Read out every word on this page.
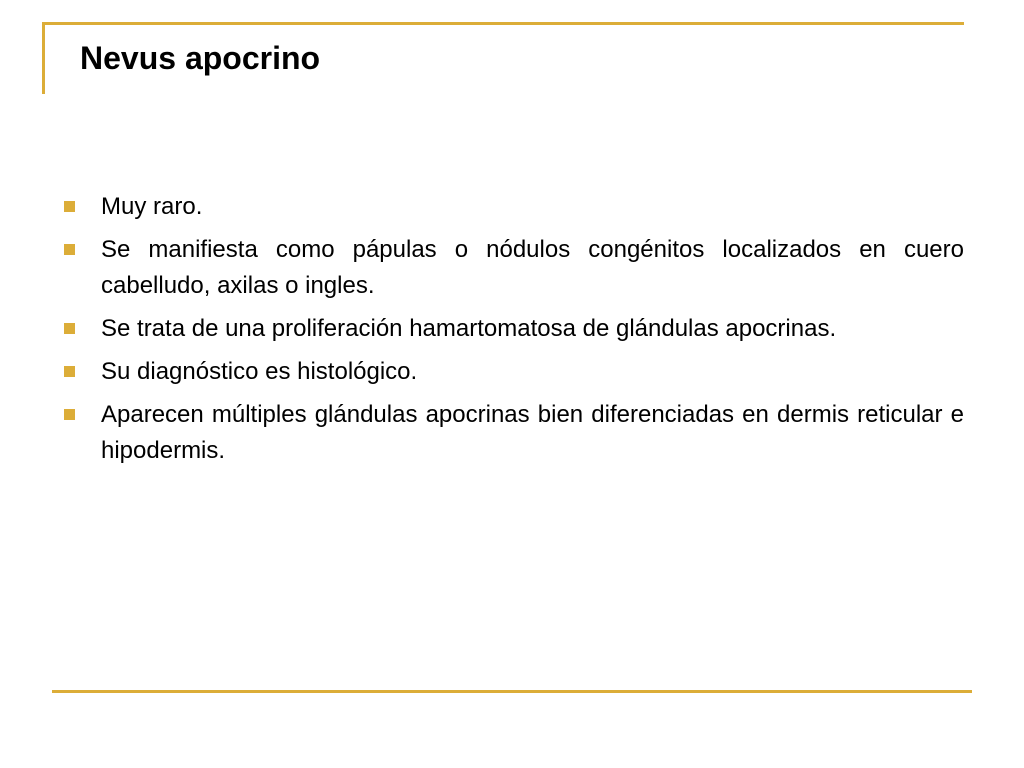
Nevus apocrino
Muy raro.
Se manifiesta como pápulas o nódulos congénitos localizados en cuero cabelludo, axilas o ingles.
Se trata de una proliferación hamartomatosa de glándulas apocrinas.
Su diagnóstico es histológico.
Aparecen múltiples glándulas apocrinas bien diferenciadas en dermis reticular e hipodermis.
